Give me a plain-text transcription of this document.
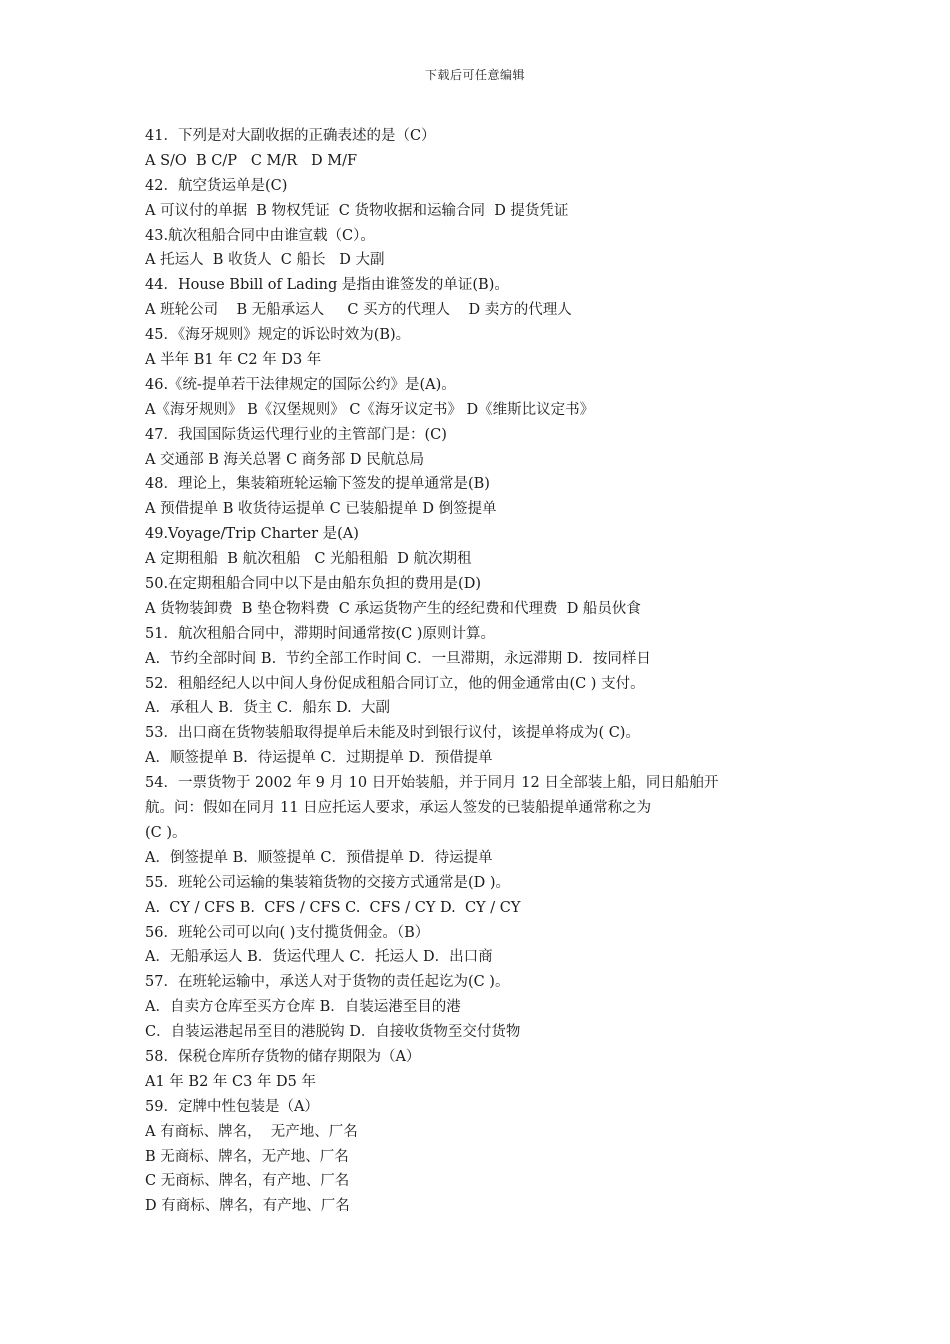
下载后可任意编辑
41．下列是对大副收据的正确表述的是（C）
A S/O  B C/P   C M/R   D M/F
42．航空货运单是(C)
A 可议付的单据  B 物权凭证  C 货物收据和运输合同  D 提货凭证
43.航次租船合同中由谁宣载（C）。
A 托运人  B 收货人  C 船长   D 大副
44．House Bbill of Lading 是指由谁签发的单证(B)。
A 班轮公司    B 无船承运人     C 买方的代理人    D 卖方的代理人
45．《海牙规则》规定的诉讼时效为(B)。
A 半年 B1 年 C2 年 D3 年
46.《统-提单若干法律规定的国际公约》是(A)。
A《海牙规则》 B《汉堡规则》 C《海牙议定书》 D《维斯比议定书》
47．我国国际货运代理行业的主管部门是：(C)
A 交通部 B 海关总署 C 商务部 D 民航总局
48．理论上，集装箱班轮运输下签发的提单通常是(B)
A 预借提单 B 收货待运提单 C 已装船提单 D 倒签提单
49.Voyage/Trip Charter 是(A)
A 定期租船  B 航次租船   C 光船租船  D 航次期租
50.在定期租船合同中以下是由船东负担的费用是(D)
A 货物装卸费  B 垫仓物料费  C 承运货物产生的经纪费和代理费  D 船员伙食
51．航次租船合同中，滞期时间通常按(C )原则计算。
A.  节约全部时间 B.  节约全部工作时间 C．一旦滞期，永远滞期 D．按同样日
52．租船经纪人以中间人身份促成租船合同订立，他的佣金通常由(C ) 支付。
A．承租人 B．货主 C．船东 D.  大副
53．出口商在货物装船取得提单后未能及时到银行议付，该提单将成为( C)。
A．顺签提单 B．待运提单 C．过期提单 D．预借提单
54．一票货物于 2002 年 9 月 10 日开始装船，并于同月 12 日全部装上船，同日船舶开
航。问：假如在同月 11 日应托运人要求，承运人签发的已装船提单通常称之为
(C )。
A．倒签提单 B．顺签提单 C．预借提单 D．待运提单
55．班轮公司运输的集装箱货物的交接方式通常是(D )。
A.  CY / CFS B.  CFS / CFS C.  CFS / CY D.  CY / CY
56．班轮公司可以向( )支付揽货佣金。（B）
A．无船承运人 B．货运代理人 C．托运人 D．出口商
57．在班轮运输中，承送人对于货物的责任起讫为(C )。
A．自卖方仓库至买方仓库 B．自装运港至目的港
C．自装运港起吊至目的港脱钩 D．自接收货物至交付货物
58．保税仓库所存货物的储存期限为（A）
A1 年 B2 年 C3 年 D5 年
59．定牌中性包装是（A）
A 有商标、牌名，  无产地、厂名
B 无商标、牌名，无产地、厂名
C 无商标、牌名，有产地、厂名
D 有商标、牌名，有产地、厂名
